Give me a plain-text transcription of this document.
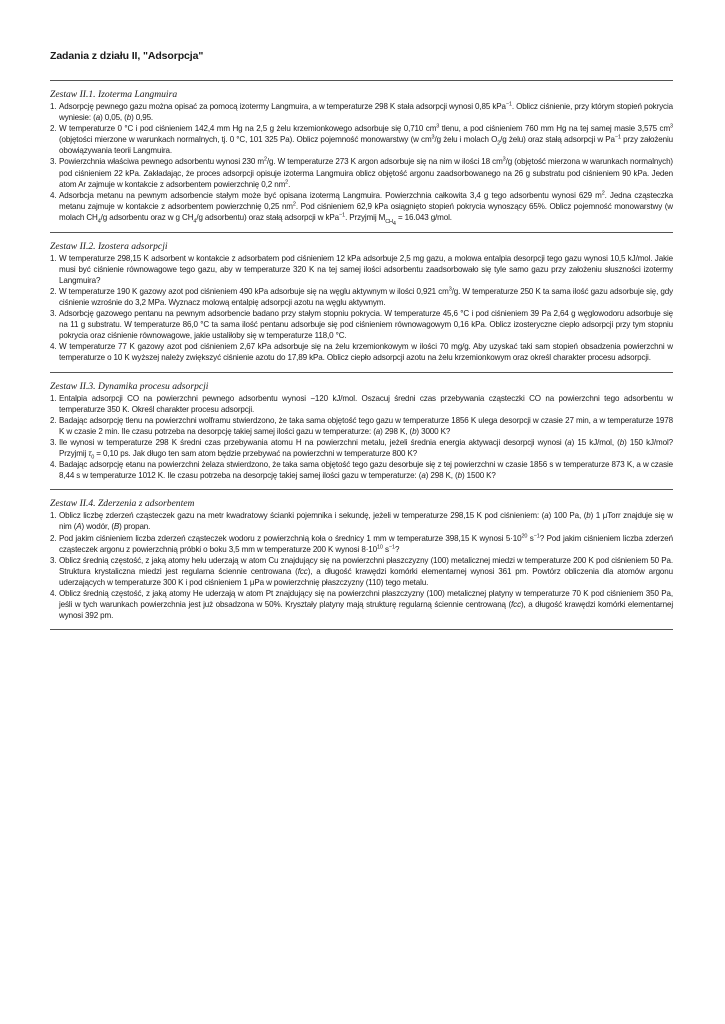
Zadania z działu II, "Adsorpcja"
Zestaw II.1. Izoterma Langmuira
1. Adsorpcję pewnego gazu można opisać za pomocą izotermy Langmuira, a w temperaturze 298 K stała adsorpcji wynosi 0,85 kPa$^{-1}$. Oblicz ciśnienie, przy którym stopień pokrycia wyniesie: (a) 0,05, (b) 0,95.
2. W temperaturze 0 °C i pod ciśnieniem 142,4 mm Hg na 2,5 g żelu krzemionkowego adsorbuje się 0,710 $cm^3$ tlenu, a pod ciśnieniem 760 mm Hg na tej samej masie 3,575 $cm^3$ (objętości mierzone w warunkach normalnych, tj. 0 °C, 101 325 Pa). Oblicz pojemność monowarstwy (w $cm^3/g$ żelu i molach $O_2/g$ żelu) oraz stałą adsorpcji w $Pa^{-1}$ przy założeniu obowiązywania teorii Langmuira.
3. Powierzchnia właściwa pewnego adsorbentu wynosi 230 $m^2/g$. W temperaturze 273 K argon adsorbuje się na nim w ilości 18 $cm^3/g$ (objętość mierzona w warunkach normalnych) pod ciśnieniem 22 kPa. Zakładając, że proces adsorpcji opisuje izoterma Langmuira oblicz objętość argonu zaadsorbowanego na 26 g substratu pod ciśnieniem 90 kPa. Jeden atom Ar zajmuje w kontakcie z adsorbentem powierzchnię 0,2 $nm^2$.
4. Adsorbcja metanu na pewnym adsorbencie stałym może być opisana izotermą Langmuira. Powierzchnia całkowita 3,4 g tego adsorbentu wynosi 629 $m^2$. Jedna cząsteczka metanu zajmuje w kontakcie z adsorbentem powierzchnię 0,25 $nm^2$. Pod ciśnieniem 62,9 kPa osiągnięto stopień pokrycia wynoszący 65%. Oblicz pojemność monowarstwy (w molach $CH_4/g$ adsorbentu oraz w g $CH_4/g$ adsorbentu) oraz stałą adsorpcji w kPa$^{-1}$. Przyjmij $M_{CH_4} = 16.043$ g/mol.
Zestaw II.2. Izostera adsorpcji
1. W temperaturze 298,15 K adsorbent w kontakcie z adsorbatem pod ciśnieniem 12 kPa adsorbuje 2,5 mg gazu, a molowa entalpia desorpcji tego gazu wynosi 10,5 kJ/mol. Jakie musi być ciśnienie równowagowe tego gazu, aby w temperaturze 320 K na tej samej ilości adsorbentu zaadsorbowało się tyle samo gazu przy założeniu słuszności izotermy Langmuira?
2. W temperaturze 190 K gazowy azot pod ciśnieniem 490 kPa adsorbuje się na węglu aktywnym w ilości 0,921 $cm^3/g$. W temperaturze 250 K ta sama ilość gazu adsorbuje się, gdy ciśnienie wzrośnie do 3,2 MPa. Wyznacz molową entalpię adsorpcji azotu na węglu aktywnym.
3. Adsorbcję gazowego pentanu na pewnym adsorbencie badano przy stałym stopniu pokrycia. W temperaturze 45,6 °C i pod ciśnieniem 39 Pa 2,64 g węglowodoru adsorbuje się na 11 g substratu. W temperaturze 86,0 °C ta sama ilość pentanu adsorbuje się pod ciśnieniem równowagowym 0,16 kPa. Oblicz izosteryczne ciepło adsorpcji przy tym stopniu pokrycia oraz ciśnienie równowagowe, jakie ustaliłoby się w temperaturze 118,0 °C.
4. W temperaturze 77 K gazowy azot pod ciśnieniem 2,67 kPa adsorbuje się na żelu krzemionkowym w ilości 70 mg/g. Aby uzyskać taki sam stopień obsadzenia powierzchni w temperaturze o 10 K wyższej należy zwiększyć ciśnienie azotu do 17,89 kPa. Oblicz ciepło adsorpcji azotu na żelu krzemionkowym oraz określ charakter procesu adsorpcji.
Zestaw II.3. Dynamika procesu adsorpcji
1. Entalpia adsorpcji CO na powierzchni pewnego adsorbentu wynosi −120 kJ/mol. Oszacuj średni czas przebywania cząsteczki CO na powierzchni tego adsorbentu w temperaturze 350 K. Określ charakter procesu adsorpcji.
2. Badając adsorpcję tlenu na powierzchni wolframu stwierdzono, że taka sama objętość tego gazu w temperaturze 1856 K ulega desorpcji w czasie 27 min, a w temperaturze 1978 K w czasie 2 min. Ile czasu potrzeba na desorpcję takiej samej ilości gazu w temperaturze: (a) 298 K, (b) 3000 K?
3. Ile wynosi w temperaturze 298 K średni czas przebywania atomu H na powierzchni metalu, jeżeli średnia energia aktywacji desorpcji wynosi (a) 15 kJ/mol, (b) 150 kJ/mol? Przyjmij $\tau_0 = 0,10$ ps. Jak długo ten sam atom będzie przebywać na powierzchni w temperaturze 800 K?
4. Badając adsorpcję etanu na powierzchni żelaza stwierdzono, że taka sama objętość tego gazu desorbuje się z tej powierzchni w czasie 1856 s w temperaturze 873 K, a w czasie 8,44 s w temperaturze 1012 K. Ile czasu potrzeba na desorpcję takiej samej ilości gazu w temperaturze: (a) 298 K, (b) 1500 K?
Zestaw II.4. Zderzenia z adsorbentem
1. Oblicz liczbę zderzeń cząsteczek gazu na metr kwadratowy ścianki pojemnika i sekundę, jeżeli w temperaturze 298,15 K pod ciśnieniem: (a) 100 Pa, (b) 1 μTorr znajduje się w nim (A) wodór, (B) propan.
2. Pod jakim ciśnieniem liczba zderzeń cząsteczek wodoru z powierzchnią koła o średnicy 1 mm w temperaturze 398,15 K wynosi $5\cdot 10^{20}$ $s^{-1}$? Pod jakim ciśnieniem liczba zderzeń cząsteczek argonu z powierzchnią próbki o boku 3,5 mm w temperaturze 200 K wynosi $8\cdot 10^{10}$ $s^{-1}$?
3. Oblicz średnią częstość, z jaką atomy helu uderzają w atom Cu znajdujący się na powierzchni płaszczyzny (100) metalicznej miedzi w temperaturze 200 K pod ciśnieniem 50 Pa. Struktura krystaliczna miedzi jest regularna ściennie centrowana (fcc), a długość krawędzi komórki elementarnej wynosi 361 pm. Powtórz obliczenia dla atomów argonu uderzających w temperaturze 300 K i pod ciśnieniem 1 μPa w powierzchnię płaszczyzny (110) tego metalu.
4. Oblicz średnią częstość, z jaką atomy He uderzają w atom Pt znajdujący się na powierzchni płaszczyzny (100) metalicznej platyny w temperaturze 70 K pod ciśnieniem 350 Pa, jeśli w tych warunkach powierzchnia jest już obsadzona w 50%. Kryształy platyny mają strukturę regularną ściennie centrowaną (fcc), a długość krawędzi komórki elementarnej wynosi 392 pm.
